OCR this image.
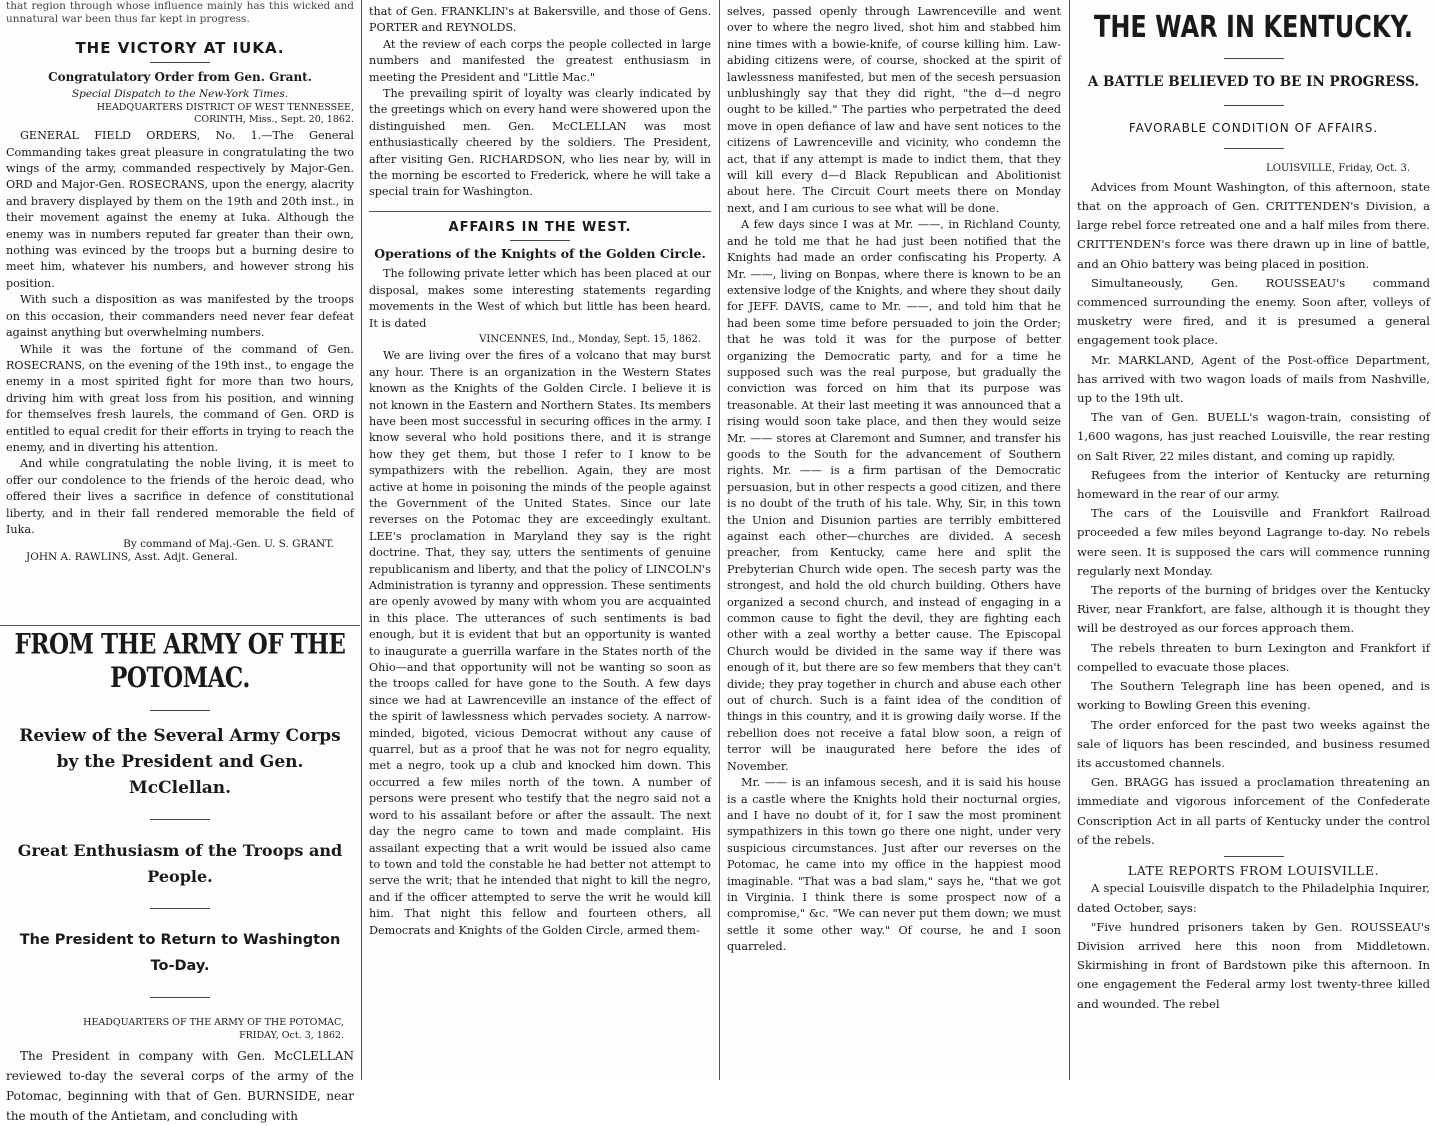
that region through whose influence mainly has this wicked and unnatural war been thus far kept in progress.
THE VICTORY AT IUKA.
Congratulatory Order from Gen. Grant.
Special Dispatch to the New-York Times.
HEADQUARTERS DISTRICT OF WEST TENNESSEE,
CORINTH, Miss., Sept. 20, 1862.
GENERAL FIELD ORDERS, No. 1.—The General Commanding takes great pleasure in congratulating the two wings of the army, commanded respectively by Major-Gen. ORD and Major-Gen. ROSECRANS, upon the energy, alacrity and bravery displayed by them on the 19th and 20th inst., in their movement against the enemy at Iuka. Although the enemy was in numbers reputed far greater than their own, nothing was evinced by the troops but a burning desire to meet him, whatever his numbers, and however strong his position.
With such a disposition as was manifested by the troops on this occasion, their commanders need never fear defeat against anything but overwhelming numbers.
While it was the fortune of the command of Gen. ROSECRANS, on the evening of the 19th inst., to engage the enemy in a most spirited fight for more than two hours, driving him with great loss from his position, and winning for themselves fresh laurels, the command of Gen. ORD is entitled to equal credit for their efforts in trying to reach the enemy, and in diverting his attention.
And while congratulating the noble living, it is meet to offer our condolence to the friends of the heroic dead, who offered their lives a sacrifice in defence of constitutional liberty, and in their fall rendered memorable the field of Iuka.
By command of Maj.-Gen. U. S. GRANT.
JOHN A. RAWLINS, Asst. Adjt. General.
FROM THE ARMY OF THE POTOMAC.
Review of the Several Army Corps by the President and Gen. McClellan.
Great Enthusiasm of the Troops and People.
The President to Return to Washington To-Day.
HEADQUARTERS OF THE ARMY OF THE POTOMAC,
FRIDAY, Oct. 3, 1862.
The President in company with Gen. McCLELLAN reviewed to-day the several corps of the army of the Potomac, beginning with that of Gen. BURNSIDE, near the mouth of the Antietam, and concluding with
that of Gen. FRANKLIN's at Bakersville, and those of Gens. PORTER and REYNOLDS.
At the review of each corps the people collected in large numbers and manifested the greatest enthusiasm in meeting the President and "Little Mac."
The prevailing spirit of loyalty was clearly indicated by the greetings which on every hand were showered upon the distinguished men. Gen. McCLELLAN was most enthusiastically cheered by the soldiers. The President, after visiting Gen. RICHARDSON, who lies near by, will in the morning be escorted to Frederick, where he will take a special train for Washington.
AFFAIRS IN THE WEST.
Operations of the Knights of the Golden Circle.
The following private letter which has been placed at our disposal, makes some interesting statements regarding movements in the West of which but little has been heard. It is dated
VINCENNES, Ind., Monday, Sept. 15, 1862.
We are living over the fires of a volcano that may burst any hour. There is an organization in the Western States known as the Knights of the Golden Circle. I believe it is not known in the Eastern and Northern States. Its members have been most successful in securing offices in the army. I know several who hold positions there, and it is strange how they get them, but those I refer to I know to be sympathizers with the rebellion. Again, they are most active at home in poisoning the minds of the people against the Government of the United States. Since our late reverses on the Potomac they are exceedingly exultant. LEE's proclamation in Maryland they say is the right doctrine. That, they say, utters the sentiments of genuine republicanism and liberty, and that the policy of LINCOLN's Administration is tyranny and oppression. These sentiments are openly avowed by many with whom you are acquainted in this place. The utterances of such sentiments is bad enough, but it is evident that but an opportunity is wanted to inaugurate a guerrilla warfare in the States north of the Ohio—and that opportunity will not be wanting so soon as the troops called for have gone to the South. A few days since we had at Lawrenceville an instance of the effect of the spirit of lawlessness which pervades society. A narrow-minded, bigoted, vicious Democrat without any cause of quarrel, but as a proof that he was not for negro equality, met a negro, took up a club and knocked him down. This occurred a few miles north of the town. A number of persons were present who testify that the negro said not a word to his assailant before or after the assault. The next day the negro came to town and made complaint. His assailant expecting that a writ would be issued also came to town and told the constable he had better not attempt to serve the writ; that he intended that night to kill the negro, and if the officer attempted to serve the writ he would kill him. That night this fellow and fourteen others, all Democrats and Knights of the Golden Circle, armed them-
selves, passed openly through Lawrenceville and went over to where the negro lived, shot him and stabbed him nine times with a bowie-knife, of course killing him. Law-abiding citizens were, of course, shocked at the spirit of lawlessness manifested, but men of the secesh persuasion unblushingly say that they did right, "the d—d negro ought to be killed." The parties who perpetrated the deed move in open defiance of law and have sent notices to the citizens of Lawrenceville and vicinity, who condemn the act, that if any attempt is made to indict them, that they will kill every d—d Black Republican and Abolitionist about here. The Circuit Court meets there on Monday next, and I am curious to see what will be done.
A few days since I was at Mr. ——, in Richland County, and he told me that he had just been notified that the Knights had made an order confiscating his Property. A Mr. ——, living on Bonpas, where there is known to be an extensive lodge of the Knights, and where they shout daily for JEFF. DAVIS, came to Mr. ——, and told him that he had been some time before persuaded to join the Order; that he was told it was for the purpose of better organizing the Democratic party, and for a time he supposed such was the real purpose, but gradually the conviction was forced on him that its purpose was treasonable. At their last meeting it was announced that a rising would soon take place, and then they would seize Mr. —— stores at Claremont and Sumner, and transfer his goods to the South for the advancement of Southern rights. Mr. —— is a firm partisan of the Democratic persuasion, but in other respects a good citizen, and there is no doubt of the truth of his tale. Why, Sir, in this town the Union and Disunion parties are terribly embittered against each other—churches are divided. A secesh preacher, from Kentucky, came here and split the Prebyterian Church wide open. The secesh party was the strongest, and hold the old church building. Others have organized a second church, and instead of engaging in a common cause to fight the devil, they are fighting each other with a zeal worthy a better cause. The Episcopal Church would be divided in the same way if there was enough of it, but there are so few members that they can't divide; they pray together in church and abuse each other out of church. Such is a faint idea of the condition of things in this country, and it is growing daily worse. If the rebellion does not receive a fatal blow soon, a reign of terror will be inaugurated here before the ides of November.
Mr. —— is an infamous secesh, and it is said his house is a castle where the Knights hold their nocturnal orgies, and I have no doubt of it, for I saw the most prominent sympathizers in this town go there one night, under very suspicious circumstances. Just after our reverses on the Potomac, he came into my office in the happiest mood imaginable. "That was a bad slam," says he, "that we got in Virginia. I think there is some prospect now of a compromise," &c. "We can never put them down; we must settle it some other way." Of course, he and I soon quarreled.
THE WAR IN KENTUCKY.
A BATTLE BELIEVED TO BE IN PROGRESS.
FAVORABLE CONDITION OF AFFAIRS.
LOUISVILLE, Friday, Oct. 3.
Advices from Mount Washington, of this afternoon, state that on the approach of Gen. CRITTENDEN's Division, a large rebel force retreated one and a half miles from there. CRITTENDEN's force was there drawn up in line of battle, and an Ohio battery was being placed in position.
Simultaneously, Gen. ROUSSEAU's command commenced surrounding the enemy. Soon after, volleys of musketry were fired, and it is presumed a general engagement took place.
Mr. MARKLAND, Agent of the Post-office Department, has arrived with two wagon loads of mails from Nashville, up to the 19th ult.
The van of Gen. BUELL's wagon-train, consisting of 1,600 wagons, has just reached Louisville, the rear resting on Salt River, 22 miles distant, and coming up rapidly.
Refugees from the interior of Kentucky are returning homeward in the rear of our army.
The cars of the Louisville and Frankfort Railroad proceeded a few miles beyond Lagrange to-day. No rebels were seen. It is supposed the cars will commence running regularly next Monday.
The reports of the burning of bridges over the Kentucky River, near Frankfort, are false, although it is thought they will be destroyed as our forces approach them.
The rebels threaten to burn Lexington and Frankfort if compelled to evacuate those places.
The Southern Telegraph line has been opened, and is working to Bowling Green this evening.
The order enforced for the past two weeks against the sale of liquors has been rescinded, and business resumed its accustomed channels.
Gen. BRAGG has issued a proclamation threatening an immediate and vigorous inforcement of the Confederate Conscription Act in all parts of Kentucky under the control of the rebels.
LATE REPORTS FROM LOUISVILLE.
A special Louisville dispatch to the Philadelphia Inquirer, dated October, says:
"Five hundred prisoners taken by Gen. ROUSSEAU's Division arrived here this noon from Middletown. Skirmishing in front of Bardstown pike this afternoon. In one engagement the Federal army lost twenty-three killed and wounded. The rebel
